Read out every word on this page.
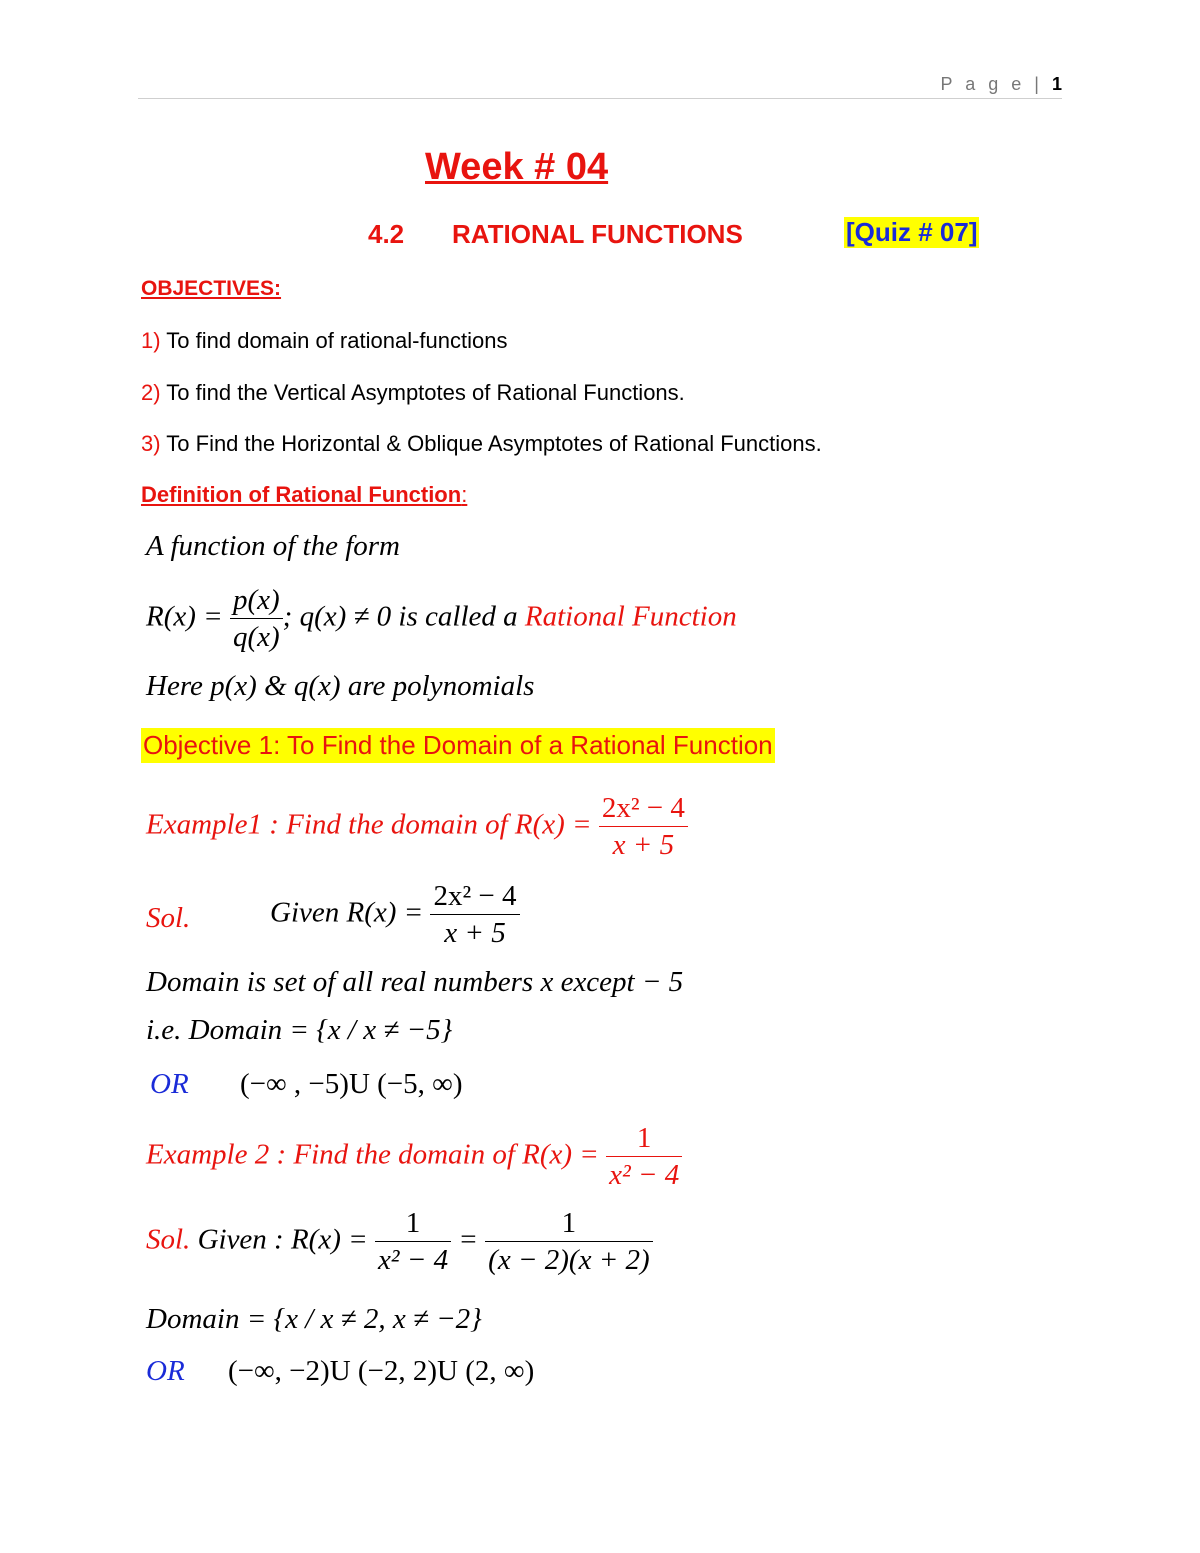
P a g e | 1
Week # 04
4.2 RATIONAL FUNCTIONS	[Quiz # 07]
OBJECTIVES:
1) To find domain of rational-functions
2) To find the Vertical Asymptotes of Rational Functions.
3) To Find the Horizontal & Oblique Asymptotes of Rational Functions.
Definition of Rational Function:
A function of the form
$R(x) = \frac{p(x)}{q(x)}$ ; q(x) ≠ 0 is called a Rational Function
Here p(x) & q(x) are polynomials
Objective 1: To Find the Domain of a Rational Function
Example1 : Find the domain of $R(x) = \frac{\text{2x² − 4}}{x + 5}$
Sol.	Given $R(x) = \frac{\text{2x² − 4}}{x + 5}$
Domain is set of all real numbers x except − 5
i.e. Domain = {x / x ≠ −5}
OR (−∞ , −5)U (−5, ∞)
Example 2 : Find the domain of $R(x) = \frac{1}{\text{x² − 4}}$
Sol. Given : $R(x) = \frac{1}{\text{x² − 4}} = \frac{1}{(x - 2)(x + 2)}$
Domain = {x / x ≠ 2, x ≠ −2}
OR (−∞, −2)U (−2, 2)U (2, ∞)
